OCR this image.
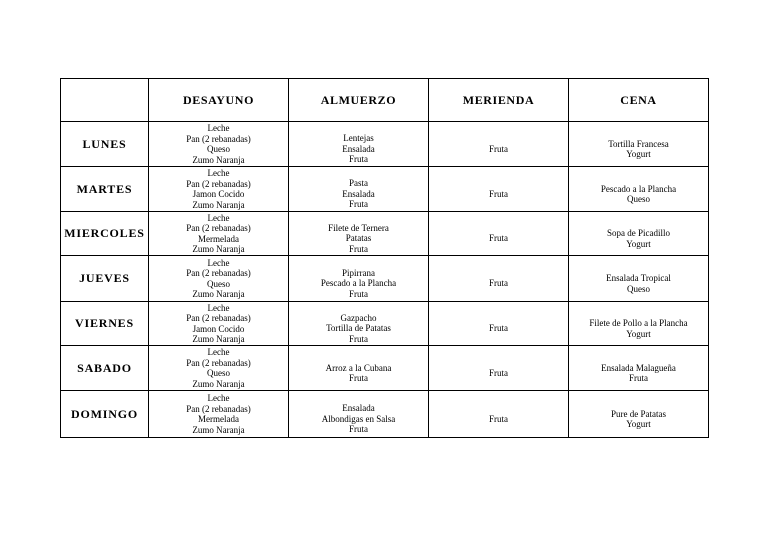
	DESAYUNO	ALMUERZO	MERIENDA	CENA
LUNES	Leche
Pan (2 rebanadas)
Queso
Zumo Naranja	Lentejas
Ensalada
Fruta	Fruta	Tortilla Francesa
Yogurt

MARTES	Leche
Pan (2 rebanadas)
Jamon Cocido
Zumo Naranja	Pasta
Ensalada
Fruta	Fruta	Pescado a la Plancha
Queso

MIERCOLES	Leche
Pan (2 rebanadas)
Mermelada
Zumo Naranja	Filete de Ternera
Patatas
Fruta	Fruta	Sopa de Picadillo
Yogurt

JUEVES	Leche
Pan (2 rebanadas)
Queso
Zumo Naranja	Pipirrana
Pescado a la Plancha
Fruta	Fruta	Ensalada Tropical
Queso

VIERNES	Leche
Pan (2 rebanadas)
Jamon Cocido
Zumo Naranja	Gazpacho
Tortilla de Patatas
Fruta	Fruta	Filete de Pollo a la Plancha
Yogurt

SABADO	Leche
Pan (2 rebanadas)
Queso
Zumo Naranja	Arroz a la Cubana
Fruta	Fruta	Ensalada Malagueña
Fruta

DOMINGO	Leche
Pan (2 rebanadas)
Mermelada
Zumo Naranja	Ensalada
Albondigas en Salsa
Fruta	Fruta	Pure de Patatas
Yogurt
